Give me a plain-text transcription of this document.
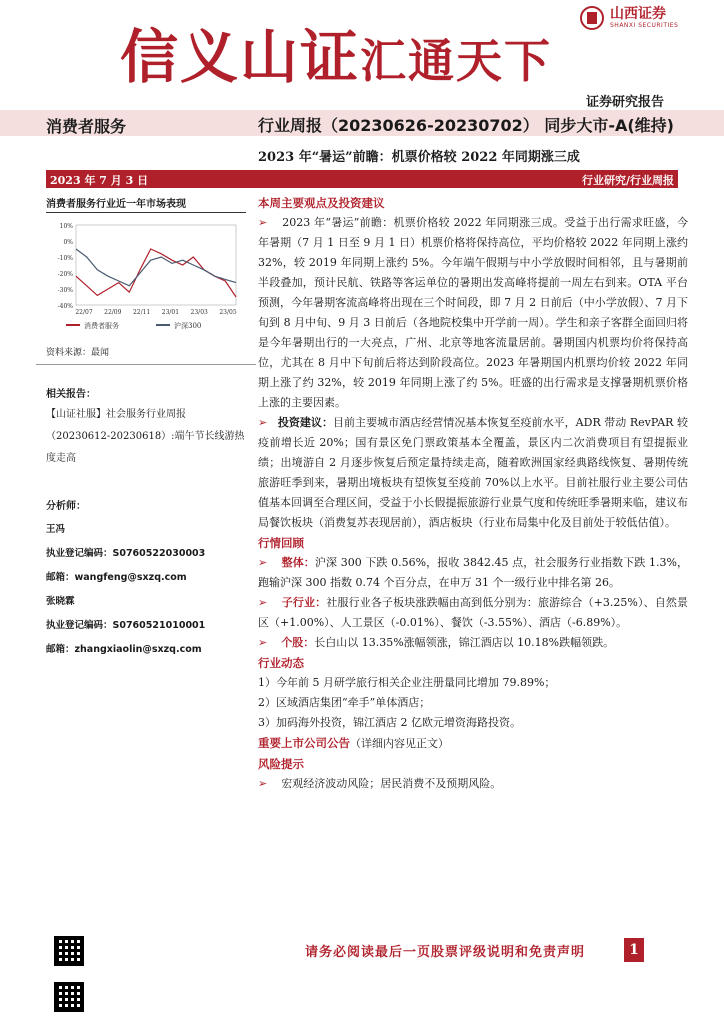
信义山证汇通天下
山西证券
SHANXI SECURITIES
证券研究报告
消费者服务	行业周报（20230626-20230702） 同步大市-A(维持)
2023 年“暑运”前瞻：机票价格较 2022 年同期涨三成
2023 年 7 月 3 日	行业研究/行业周报
消费者服务行业近一年市场表现
10%
0%
-10%
-20%
-30%
-40%
22/07 22/09 22/11 23/01 23/03 23/05
消费者服务	沪深300
资料来源：最闻
相关报告：
【山证社服】社会服务行业周报（20230612-20230618）:端午节长线游热度走高
分析师：
王冯
执业登记编码：S0760522030003
邮箱：wangfeng@sxzq.com
张晓霖
执业登记编码：S0760521010001
邮箱：zhangxiaolin@sxzq.com
本周主要观点及投资建议

➢    2023 年“暑运”前瞻：机票价格较 2022 年同期涨三成。受益于出行需求旺盛，今年暑期（7 月 1 日至 9 月 1 日）机票价格将保持高位，平均价格较 2022 年同期上涨约 32%，较 2019 年同期上涨约 5%。今年端午假期与中小学放假时间相邻，且与暑期前半段叠加，预计民航、铁路等客运单位的暑期出发高峰将提前一周左右到来。OTA 平台预测，今年暑期客流高峰将出现在三个时间段，即 7 月 2 日前后（中小学放假）、7 月下旬到 8 月中旬、9 月 3 日前后（各地院校集中开学前一周）。学生和亲子客群全面回归将是今年暑期出行的一大亮点，广州、北京等地客流量居前。暑期国内机票均价将保持高位，尤其在 8 月中下旬前后将达到阶段高位。2023 年暑期国内机票均价较 2022 年同期上涨了约 32%，较 2019 年同期上涨了约 5%。旺盛的出行需求是支撑暑期机票价格上涨的主要因素。

➢   投资建议：目前主要城市酒店经营情况基本恢复至疫前水平，ADR 带动 RevPAR 较疫前增长近 20%；国有景区免门票政策基本全覆盖，景区内二次消费项目有望提振业绩；出境游自 2 月逐步恢复后预定量持续走高，随着欧洲国家经典路线恢复、暑期传统旅游旺季到来，暑期出境板块有望恢复至疫前 70%以上水平。目前社服行业主要公司估值基本回调至合理区间，受益于小长假提振旅游行业景气度和传统旺季暑期来临，建议布局餐饮板块（消费复苏表现居前），酒店板块（行业布局集中化及目前处于较低估值）。

行情回顾

➢    整体：沪深 300 下跌 0.56%，报收 3842.45 点，社会服务行业指数下跌 1.3%，跑输沪深 300 指数 0.74 个百分点，在申万 31 个一级行业中排名第 26。

➢    子行业：社服行业各子板块涨跌幅由高到低分别为：旅游综合（+3.25%）、自然景区（+1.00%）、人工景区（-0.01%）、餐饮（-3.55%）、酒店（-6.89%）。

➢    个股：长白山以 13.35%涨幅领涨，锦江酒店以 10.18%跌幅领跌。

行业动态

1）今年前 5 月研学旅行相关企业注册量同比增加 79.89%；

2）区域酒店集团“牵手”单体酒店；

3）加码海外投资，锦江酒店 2 亿欧元增资海路投资。

重要上市公司公告（详细内容见正文）
风险提示

➢    宏观经济波动风险；居民消费不及预期风险。

请务必阅读最后一页股票评级说明和免责声明	1
